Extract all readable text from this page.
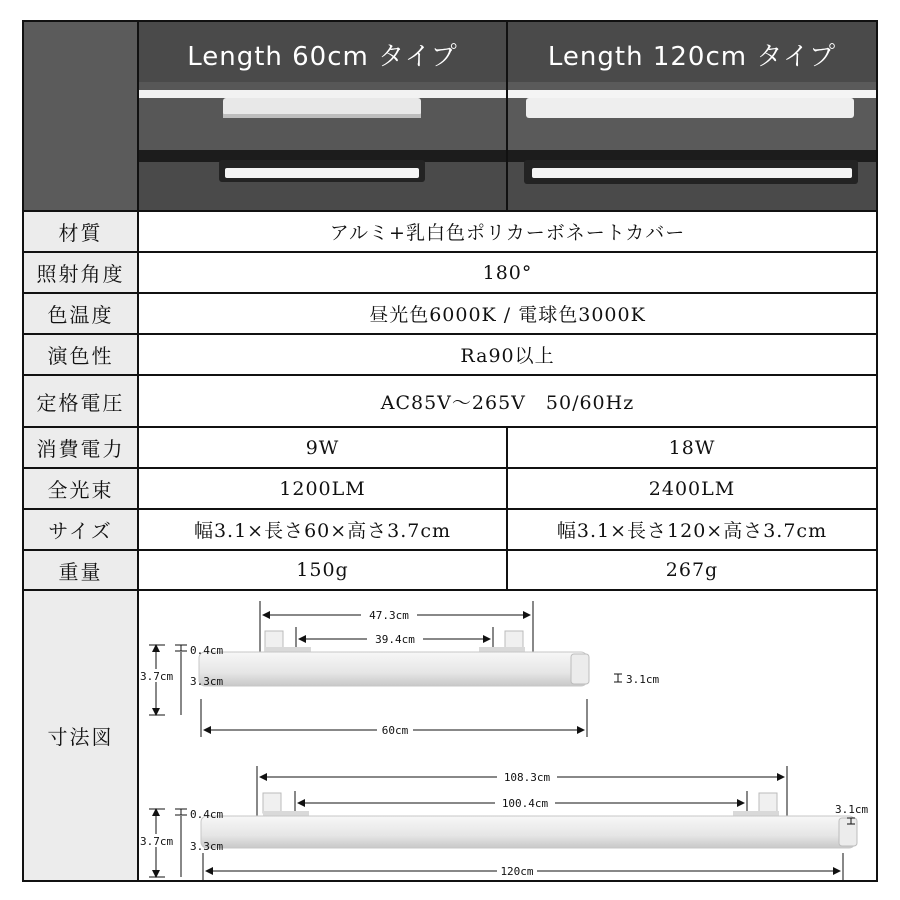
Length 60cm タイプ	Length 120cm タイプ
材質	アルミ+乳白色ポリカーボネートカバー
照射角度	180°
色温度	昼光色6000K / 電球色3000K
演色性	Ra90以上
定格電圧	AC85V～265V　50/60Hz
消費電力	9W	18W
全光束	1200LM	2400LM
サイズ	幅3.1×長さ60×高さ3.7cm	幅3.1×長さ120×高さ3.7cm
重量	150g	267g
寸法図
47.3cm
39.4cm
0.4cm
3.7cm 3.3cm	3.1cm
60cm
108.3cm
100.4cm
0.4cm
3.7cm 3.3cm
3.1cm
120cm
